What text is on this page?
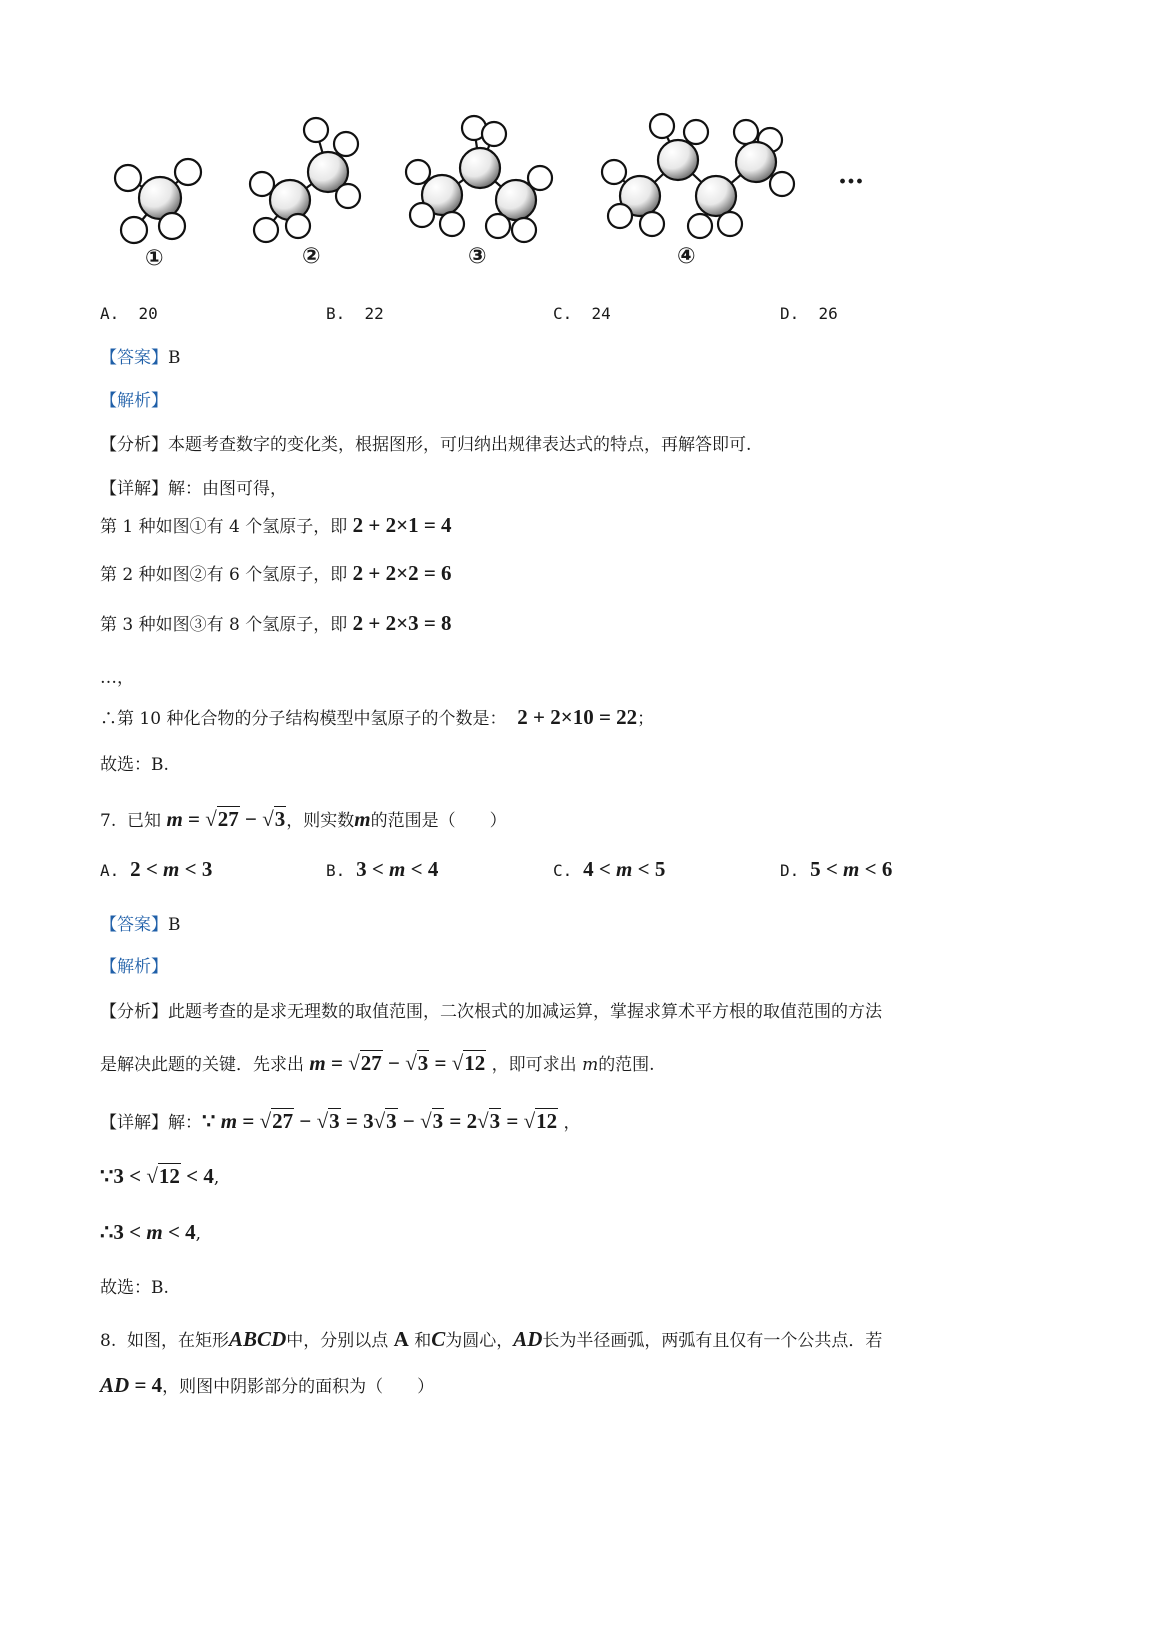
①	②	③	④
…
A. 20	B. 22	C. 24	D. 26
【答案】B
【解析】
【分析】本题考查数字的变化类，根据图形，可归纳出规律表达式的特点，再解答即可.
【详解】解：由图可得，
第 1 种如图①有 4 个氢原子，即 2 + 2×1 = 4
第 2 种如图②有 6 个氢原子，即 2 + 2×2 = 6
第 3 种如图③有 8 个氢原子，即 2 + 2×3 = 8
…，
∴第 10 种化合物的分子结构模型中氢原子的个数是： 2 + 2×10 = 22；
故选：B.
7. 已知 m = √27 − √3，则实数m的范围是（　　）
A. 2 < m < 3	B. 3 < m < 4	C. 4 < m < 5	D. 5 < m < 6
【答案】B
【解析】
【分析】此题考查的是求无理数的取值范围，二次根式的加减运算，掌握求算术平方根的取值范围的方法
是解决此题的关键．先求出 m = √27 − √3 = √12 ，即可求出 m的范围.
【详解】解：∵ m = √27 − √3 = 3√3 − √3 = 2√3 = √12 ，
∵3 < √12 < 4,
∴3 < m < 4,
故选：B.
8. 如图，在矩形ABCD中，分别以点 A 和C为圆心，AD长为半径画弧，两弧有且仅有一个公共点．若
AD = 4，则图中阴影部分的面积为（　　）
